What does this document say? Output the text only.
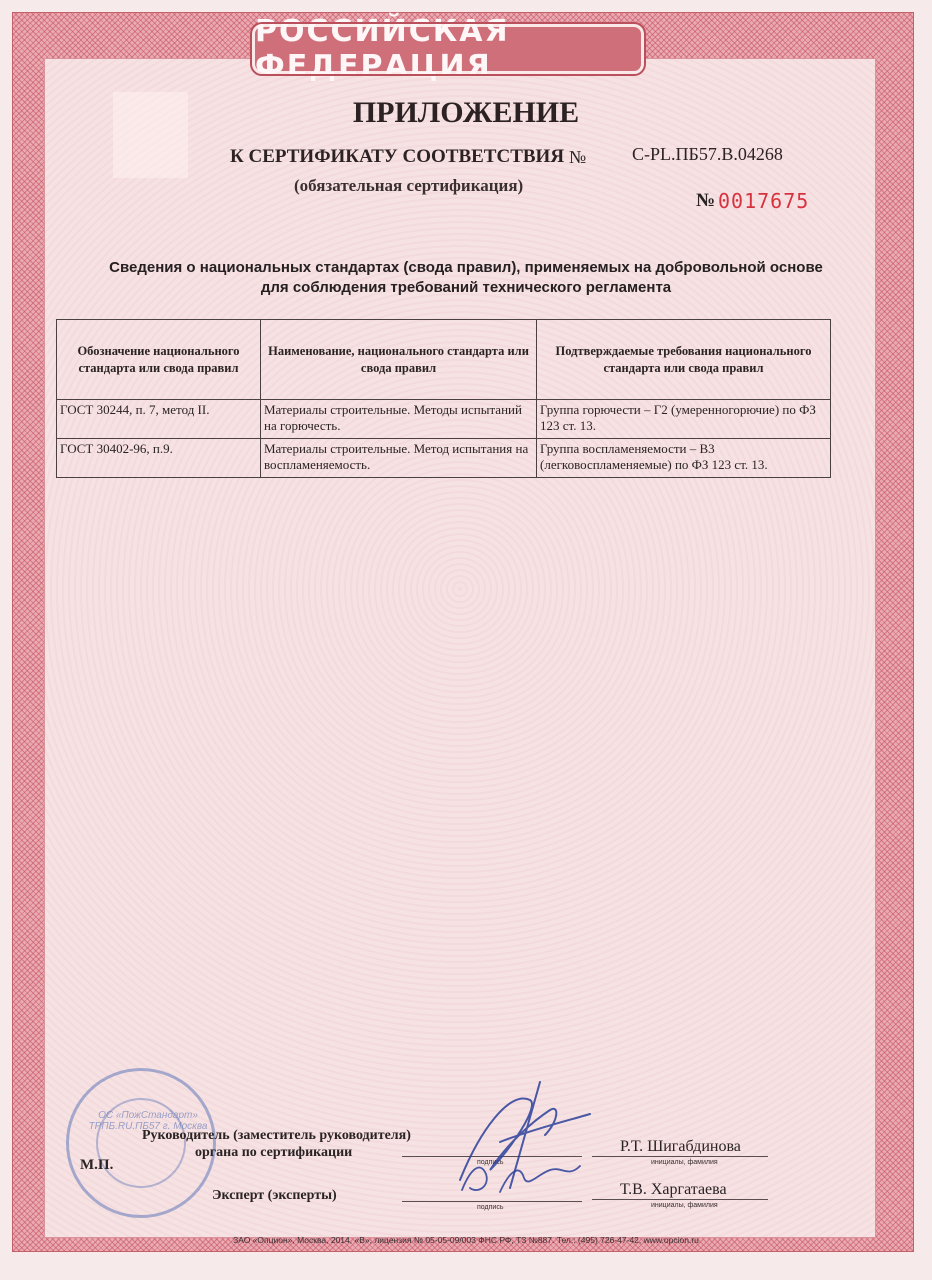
РОССИЙСКАЯ ФЕДЕРАЦИЯ
ПРИЛОЖЕНИЕ
К СЕРТИФИКАТУ СООТВЕТСТВИЯ №	C-PL.ПБ57.В.04268
(обязательная сертификация)
№ 0017675
Сведения о национальных стандартах (свода правил), применяемых на добровольной основе
для соблюдения требований технического регламента
Обозначение национального стандарта или свода правил	Наименование, национального стандарта или свода правил	Подтверждаемые требования национального стандарта или свода правил
ГОСТ 30244, п. 7, метод II.	Материалы строительные. Методы испытаний на горючесть.	Группа горючести – Г2 (умеренногорючие) по ФЗ 123 ст. 13.
ГОСТ 30402-96, п.9.	Материалы строительные. Метод испытания на воспламеняемость.	Группа воспламеняемости – В3 (легковоспламеняемые) по ФЗ 123 ст. 13.
ОС «ПожСтандарт» ТРПБ.RU.ПБ57 г. Москва
Руководитель (заместитель руководителя)
органа по сертификации
М.П.
Эксперт (эксперты)
подпись
подпись
Р.Т. Шигабдинова
инициалы, фамилия
Т.В. Харгатаева
инициалы, фамилия
ЗАО «Опцион», Москва, 2014, «В», лицензия № 05-05-09/003 ФНС РФ, ТЗ №887. Тел.: (495) 726-47-42, www.opcion.ru
